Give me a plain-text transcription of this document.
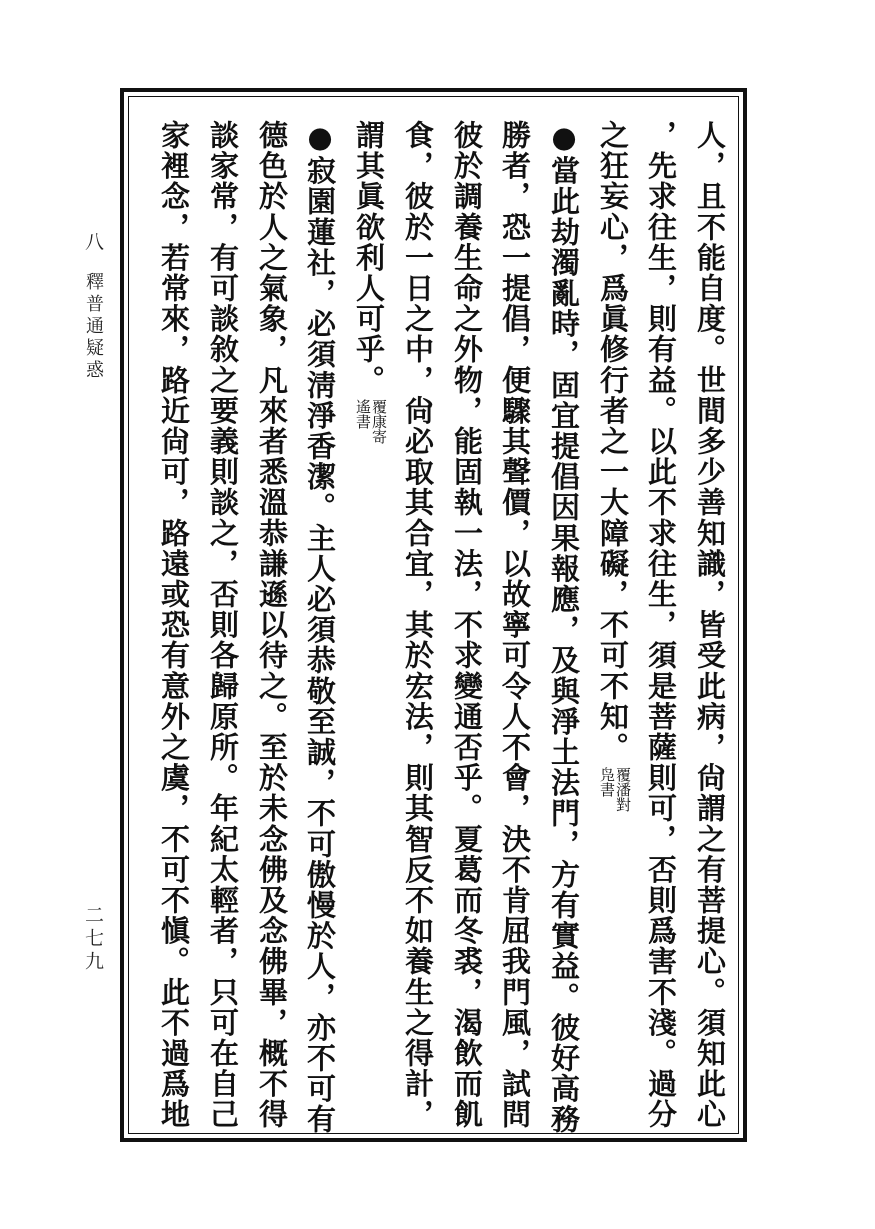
八
釋普通疑惑
二七九	人，且不能自度。世間多少善知識，皆受此病，尙謂之有菩提心。須知此心
，先求往生，則有益。以此不求往生，須是菩薩則可，否則爲害不淺。過分
之狂妄心，爲眞修行者之一大障礙，不可不知。
覆潘對
凫書
●當此劫濁亂時，固宜提倡因果報應，及與淨土法門，方有實益。彼好高務
勝者，恐一提倡，便驟其聲價，以故寧可令人不會，決不肯屈我門風，試問
彼於調養生命之外物，能固執一法，不求變通否乎。夏葛而冬裘，渴飲而飢
食，彼於一日之中，尙必取其合宜，其於宏法，則其智反不如養生之得計，
謂其眞欲利人可乎。
覆康寄
遙書
●寂園蓮社，必須淸淨香潔。主人必須恭敬至誠，不可傲慢於人，亦不可有
德色於人之氣象，凡來者悉溫恭謙遜以待之。至於未念佛及念佛畢，概不得
談家常，有可談敘之要義則談之，否則各歸原所。年紀太輕者，只可在自己
家裡念，若常來，路近尙可，路遠或恐有意外之虞，不可不愼。此不過爲地
